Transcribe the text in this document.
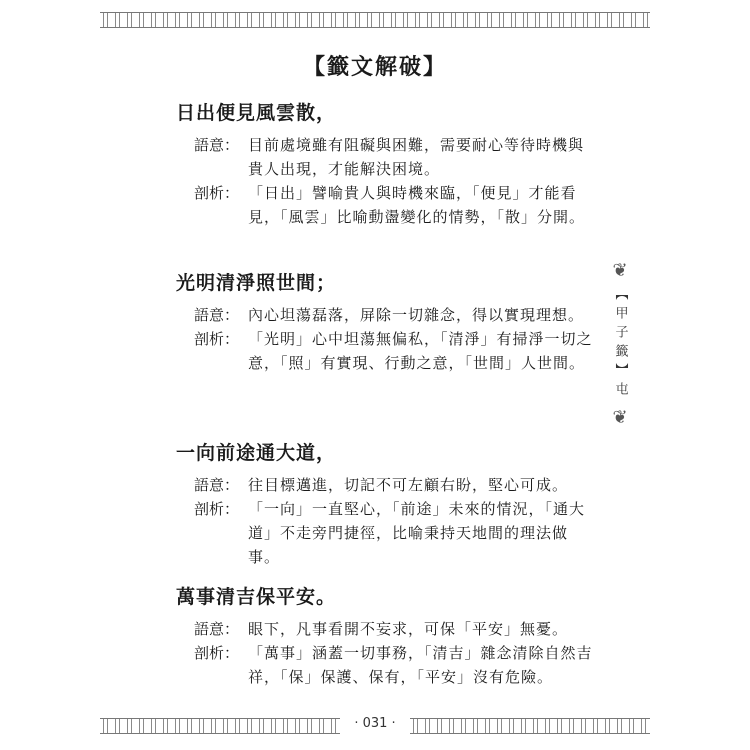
【籤文解破】
日出便見風雲散，
語意： 目前處境雖有阻礙與困難，需要耐心等待時機與貴人出現，才能解決困境。
剖析： 「日出」譬喻貴人與時機來臨，「便見」才能看見，「風雲」比喻動盪變化的情勢，「散」分開。
光明清淨照世間；
語意： 內心坦蕩磊落，屏除一切雜念，得以實現理想。
剖析： 「光明」心中坦蕩無偏私，「清淨」有掃淨一切之意，「照」有實現、行動之意，「世間」人世間。
一向前途通大道，
語意： 往目標邁進，切記不可左顧右盼，堅心可成。
剖析： 「一向」一直堅心，「前途」未來的情況，「通大道」不走旁門捷徑，比喻秉持天地間的理法做事。
萬事清吉保平安。
語意： 眼下，凡事看開不妄求，可保「平安」無憂。
剖析： 「萬事」涵蓋一切事務，「清吉」雜念清除自然吉祥，「保」保護、保有，「平安」沒有危險。
❦
【甲子籤】屯
❦
· 031 ·
